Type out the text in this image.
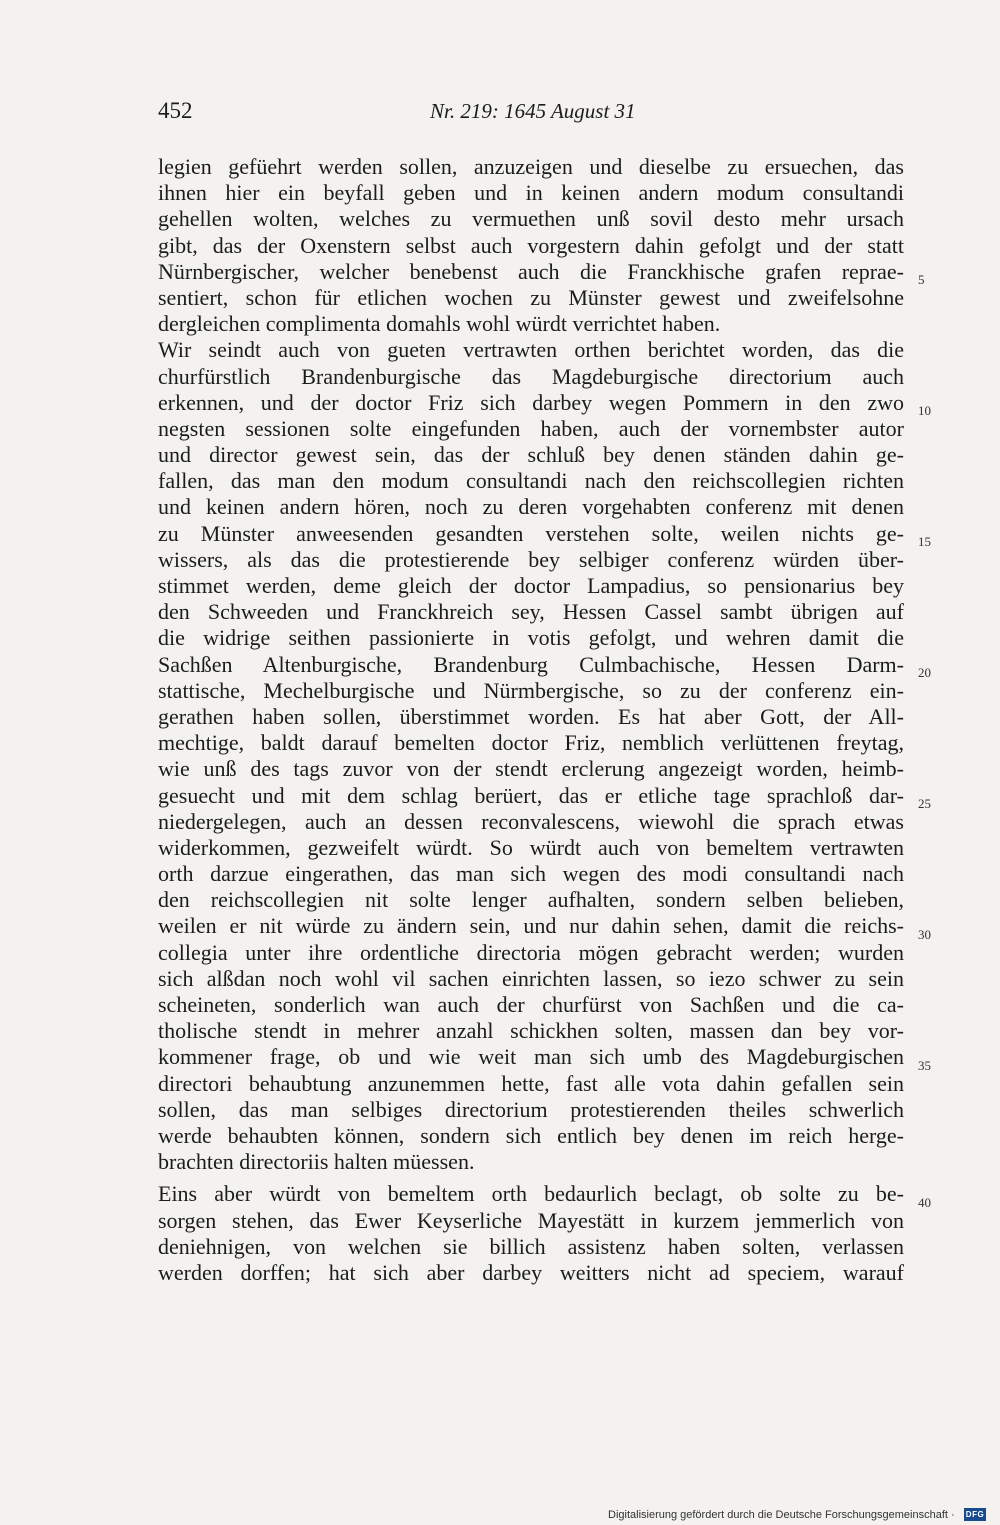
452	Nr. 219: 1645 August 31
legien gefüehrt werden sollen, anzuzeigen und dieselbe zu ersuechen, das
ihnen hier ein beyfall geben und in keinen andern modum consultandi
gehellen wolten, welches zu vermuethen unß sovil desto mehr ursach
gibt, das der Oxenstern selbst auch vorgestern dahin gefolgt und der statt
Nürnbergischer, welcher benebenst auch die Franckhische grafen reprae-
sentiert, schon für etlichen wochen zu Münster gewest und zweifelsohne
dergleichen complimenta domahls wohl würdt verrichtet haben.
Wir seindt auch von gueten vertrawten orthen berichtet worden, das die
churfürstlich Brandenburgische das Magdeburgische directorium auch
erkennen, und der doctor Friz sich darbey wegen Pommern in den zwo
negsten sessionen solte eingefunden haben, auch der vornembster autor
und director gewest sein, das der schluß bey denen ständen dahin ge-
fallen, das man den modum consultandi nach den reichscollegien richten
und keinen andern hören, noch zu deren vorgehabten conferenz mit denen
zu Münster anweesenden gesandten verstehen solte, weilen nichts ge-
wissers, als das die protestierende bey selbiger conferenz würden über-
stimmet werden, deme gleich der doctor Lampadius, so pensionarius bey
den Schweeden und Franckhreich sey, Hessen Cassel sambt übrigen auf
die widrige seithen passionierte in votis gefolgt, und wehren damit die
Sachßen Altenburgische, Brandenburg Culmbachische, Hessen Darm-
stattische, Mechelburgische und Nürmbergische, so zu der conferenz ein-
gerathen haben sollen, überstimmet worden. Es hat aber Gott, der All-
mechtige, baldt darauf bemelten doctor Friz, nemblich verlüttenen freytag,
wie unß des tags zuvor von der stendt erclerung angezeigt worden, heimb-
gesuecht und mit dem schlag berüert, das er etliche tage sprachloß dar-
niedergelegen, auch an dessen reconvalescens, wiewohl die sprach etwas
widerkommen, gezweifelt würdt. So würdt auch von bemeltem vertrawten
orth darzue eingerathen, das man sich wegen des modi consultandi nach
den reichscollegien nit solte lenger aufhalten, sondern selben belieben,
weilen er nit würde zu ändern sein, und nur dahin sehen, damit die reichs-
collegia unter ihre ordentliche directoria mögen gebracht werden; wurden
sich alßdan noch wohl vil sachen einrichten lassen, so iezo schwer zu sein
scheineten, sonderlich wan auch der churfürst von Sachßen und die ca-
tholische stendt in mehrer anzahl schickhen solten, massen dan bey vor-
kommener frage, ob und wie weit man sich umb des Magdeburgischen
directori behaubtung anzunemmen hette, fast alle vota dahin gefallen sein
sollen, das man selbiges directorium protestierenden theiles schwerlich
werde behaubten können, sondern sich entlich bey denen im reich herge-
brachten directoriis halten müessen.
Eins aber würdt von bemeltem orth bedaurlich beclagt, ob solte zu be-
sorgen stehen, das Ewer Keyserliche Mayestätt in kurzem jemmerlich von
deniehnigen, von welchen sie billich assistenz haben solten, verlassen
werden dorffen; hat sich aber darbey weitters nicht ad speciem, warauf
5
10
15
20
25
30
35
40
Digitalisierung gefördert durch die Deutsche Forschungsgemeinschaft · DFG
